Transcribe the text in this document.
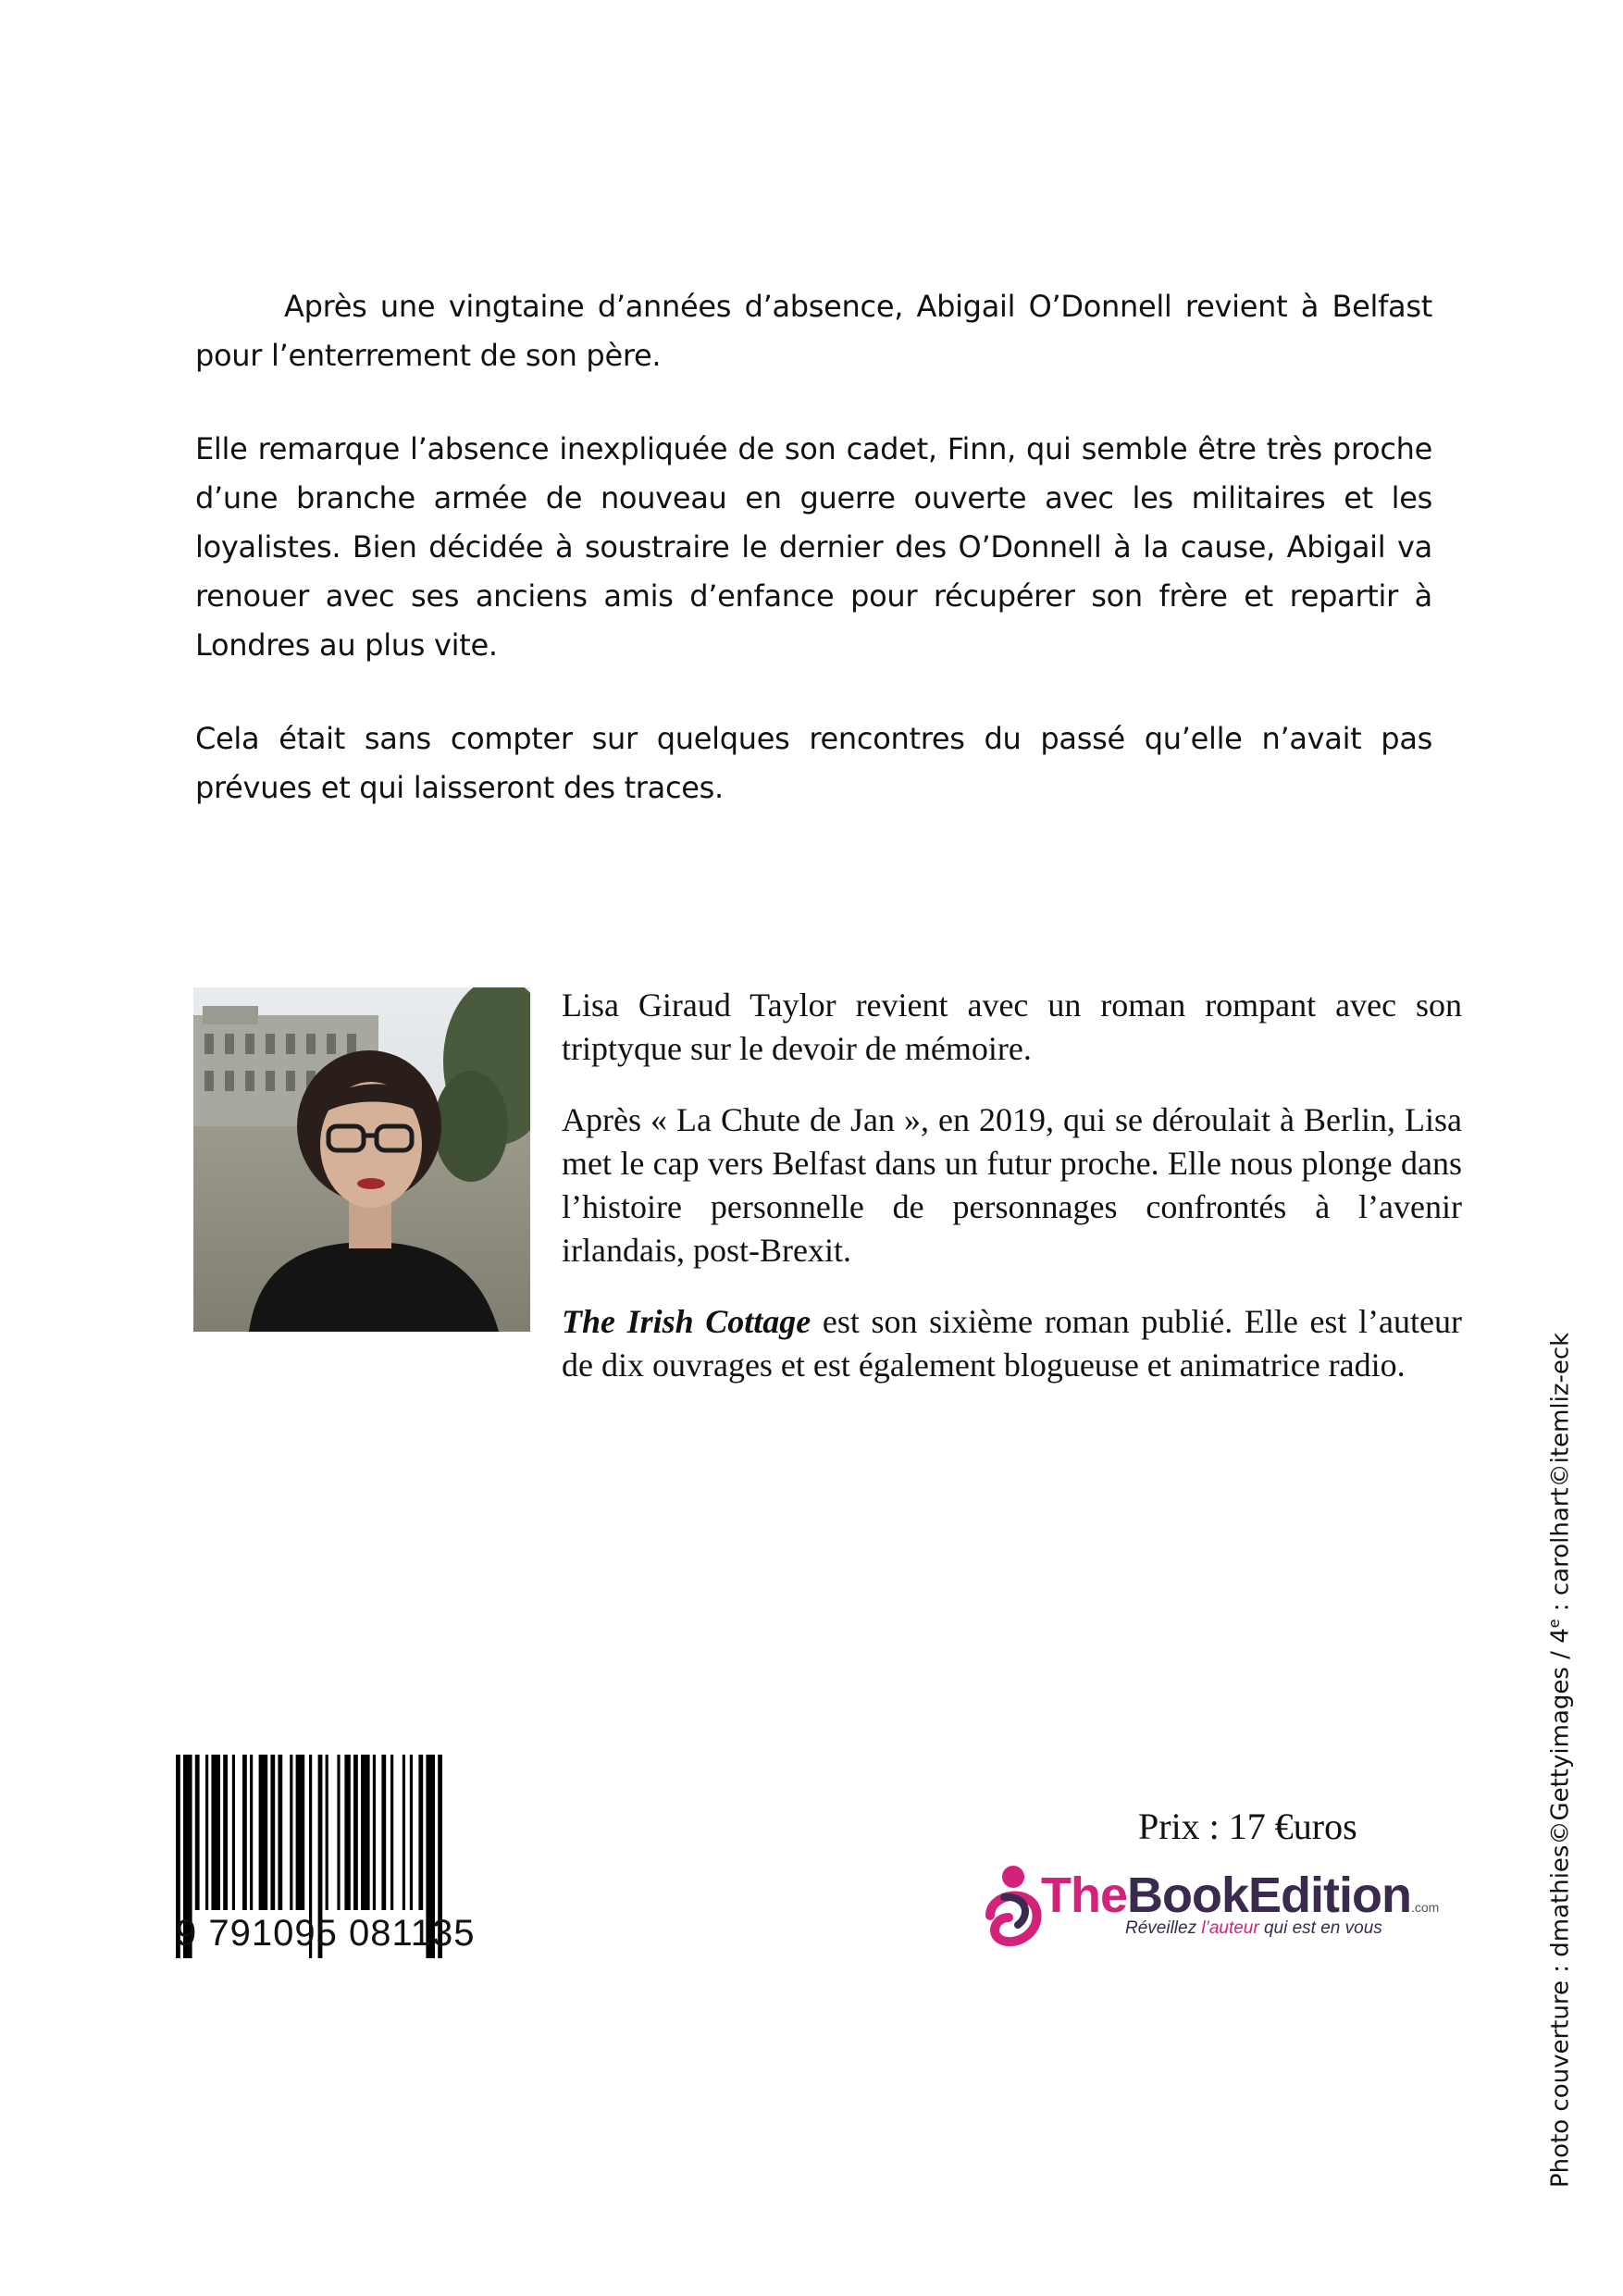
Après une vingtaine d’années d’absence, Abigail O’Donnell revient à Belfast pour l’enterrement de son père.

Elle remarque l’absence inexpliquée de son cadet, Finn, qui semble être très proche d’une branche armée de nouveau en guerre ouverte avec les militaires et les loyalistes. Bien décidée à soustraire le dernier des O’Donnell à la cause, Abigail va renouer avec ses anciens amis d’enfance pour récupérer son frère et repartir à Londres au plus vite.

Cela était sans compter sur quelques rencontres du passé qu’elle n’avait pas prévues et qui laisseront des traces.

Lisa Giraud Taylor revient avec un roman rompant avec son triptyque sur le devoir de mémoire.

Après « La Chute de Jan », en 2019, qui se déroulait à Berlin, Lisa met le cap vers Belfast dans un futur proche. Elle nous plonge dans l’histoire personnelle de personnages confrontés à l’avenir irlandais, post-Brexit.

The Irish Cottage est son sixième roman publié. Elle est l’auteur de dix ouvrages et est également blogueuse et animatrice radio.

9 791095 081135
Prix : 17 €uros
TheBookEdition.com
Réveillez l’auteur qui est en vous	Photo couverture : dmathies©Gettyimages / 4e : carolhart©itemliz-eck
